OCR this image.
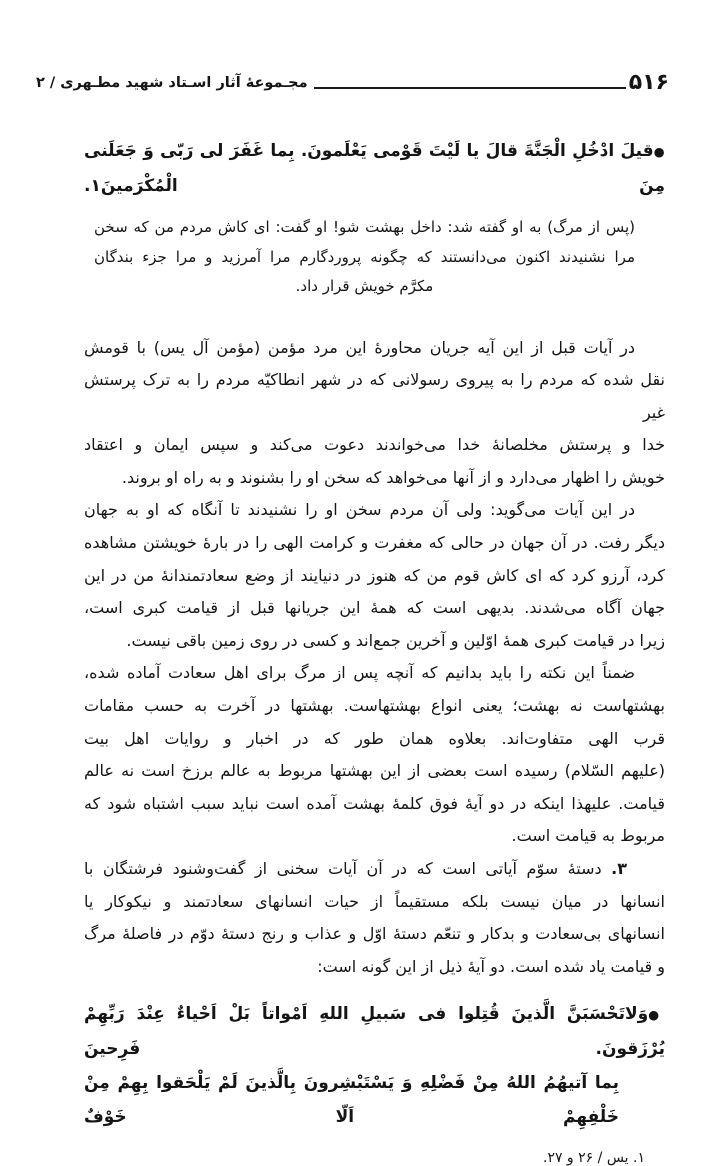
۵۱۶
مجـموعهٔ آثار اسـتاد شهید مطـهری / ۲
●قیلَ ادْخُلِ الْجَنَّةَ قالَ یا لَیْتَ قَوْمی یَعْلَمونَ. بِما غَفَرَ لی رَبّی وَ جَعَلَنی مِنَ الْمُکْرَمینَ۱.
(پس از مرگ) به او گفته شد: داخل بهشت شو! او گفت: ای کاش مردم من که سخن
مرا نشنیدند اکنون می‌دانستند که چگونه پروردگارم مرا آمرزید و مرا جزء بندگان
مکرَّم خویش قرار داد.
در آیات قبل از این آیه جریان محاورهٔ این مرد مؤمن (مؤمن آل یس) با قومش
نقل شده که مردم را به پیروی رسولانی که در شهر انطاکیّه مردم را به ترک پرستش غیر
خدا و پرستش مخلصانهٔ خدا می‌خواندند دعوت می‌کند و سپس ایمان و اعتقاد
خویش را اظهار می‌دارد و از آنها می‌خواهد که سخن او را بشنوند و به راه او بروند.
در این آیات می‌گوید: ولی آن مردم سخن او را نشنیدند تا آنگاه که او به جهان
دیگر رفت. در آن جهان در حالی که مغفرت و کرامت الهی را در بارهٔ خویشتن مشاهده
کرد، آرزو کرد که ای کاش قوم من که هنوز در دنیایند از وضع سعادتمندانهٔ من در این
جهان آگاه می‌شدند. بدیهی است که همهٔ این جریانها قبل از قیامت کبری است،
زیرا در قیامت کبری همهٔ اوّلین و آخرین جمع‌اند و کسی در روی زمین باقی نیست.
ضمناً این نکته را باید بدانیم که آنچه پس از مرگ برای اهل سعادت آماده شده،
بهشتهاست نه بهشت؛ یعنی انواع بهشتهاست. بهشتها در آخرت به حسب مقامات
قرب الهی متفاوت‌اند. بعلاوه همان طور که در اخبار و روایات اهل بیت
(علیهم السّلام) رسیده است بعضی از این بهشتها مربوط به عالم برزخ است نه عالم
قیامت. علیهذا اینکه در دو آیهٔ فوق کلمهٔ بهشت آمده است نباید سبب اشتباه شود که
مربوط به قیامت است.
۳. دستهٔ سوّم آیاتی است که در آن آیات سخنی از گفت‌وشنود فرشتگان با
انسانها در میان نیست بلکه مستقیماً از حیات انسانهای سعادتمند و نیکوکار یا
انسانهای بی‌سعادت و بدکار و تنعّم دستهٔ اوّل و عذاب و رنج دستهٔ دوّم در فاصلهٔ مرگ
و قیامت یاد شده است. دو آیهٔ ذیل از این گونه است:
●وَلاتَحْسَبَنَّ الَّذینَ قُتِلوا فی سَبیلِ اللهِ اَمْواتاً بَلْ اَحْیاءٌ عِنْدَ رَبِّهِمْ یُرْزَقونَ. فَرِحینَ
بِما آتیهُمُ اللهُ مِنْ فَضْلِهِ وَ یَسْتَبْشِرونَ بِالَّذینَ لَمْ یَلْحَقوا بِهِمْ مِنْ خَلْفِهِمْ اَلّا خَوْفٌ
۱. یس / ۲۶ و ۲۷.
